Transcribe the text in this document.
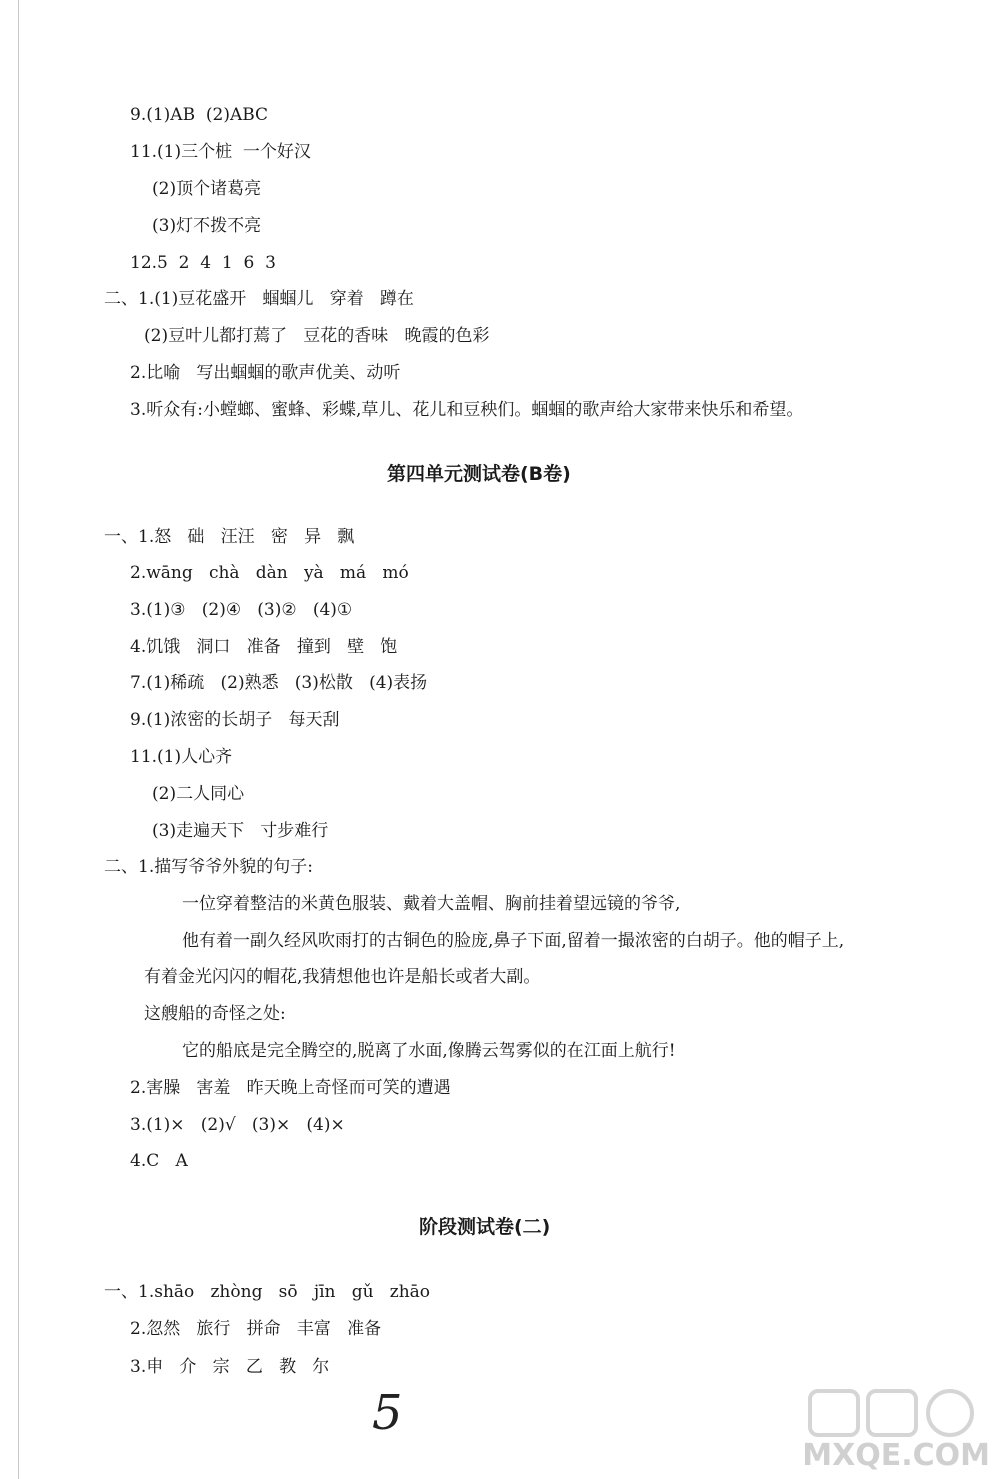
9.(1)AB  (2)ABC
11.(1)三个桩  一个好汉
(2)顶个诸葛亮
(3)灯不拨不亮
12.5  2  4  1  6  3
二、1.(1)豆花盛开   蝈蝈儿   穿着   蹲在
(2)豆叶儿都打蔫了   豆花的香味   晚霞的色彩
2.比喻   写出蝈蝈的歌声优美、动听
3.听众有:小螳螂、蜜蜂、彩蝶,草儿、花儿和豆秧们。蝈蝈的歌声给大家带来快乐和希望。
第四单元测试卷(B卷)
一、1.怒   础   汪汪   密   异   飘
2.wāng   chà   dàn   yà   má   mó
3.(1)③   (2)④   (3)②   (4)①
4.饥饿   洞口   准备   撞到   壁   饱
7.(1)稀疏   (2)熟悉   (3)松散   (4)表扬
9.(1)浓密的长胡子   每天刮
11.(1)人心齐
(2)二人同心
(3)走遍天下   寸步难行
二、1.描写爷爷外貌的句子:
一位穿着整洁的米黄色服装、戴着大盖帽、胸前挂着望远镜的爷爷,
他有着一副久经风吹雨打的古铜色的脸庞,鼻子下面,留着一撮浓密的白胡子。他的帽子上,
有着金光闪闪的帽花,我猜想他也许是船长或者大副。
这艘船的奇怪之处:
它的船底是完全腾空的,脱离了水面,像腾云驾雾似的在江面上航行!
2.害臊   害羞   昨天晚上奇怪而可笑的遭遇
3.(1)×   (2)√   (3)×   (4)×
4.C   A
阶段测试卷(二)
一、1.shāo   zhòng   sō   jīn   gǔ   zhāo
2.忽然   旅行   拼命   丰富   准备
3.申   介   宗   乙   教   尔
5
MXQE.COM
